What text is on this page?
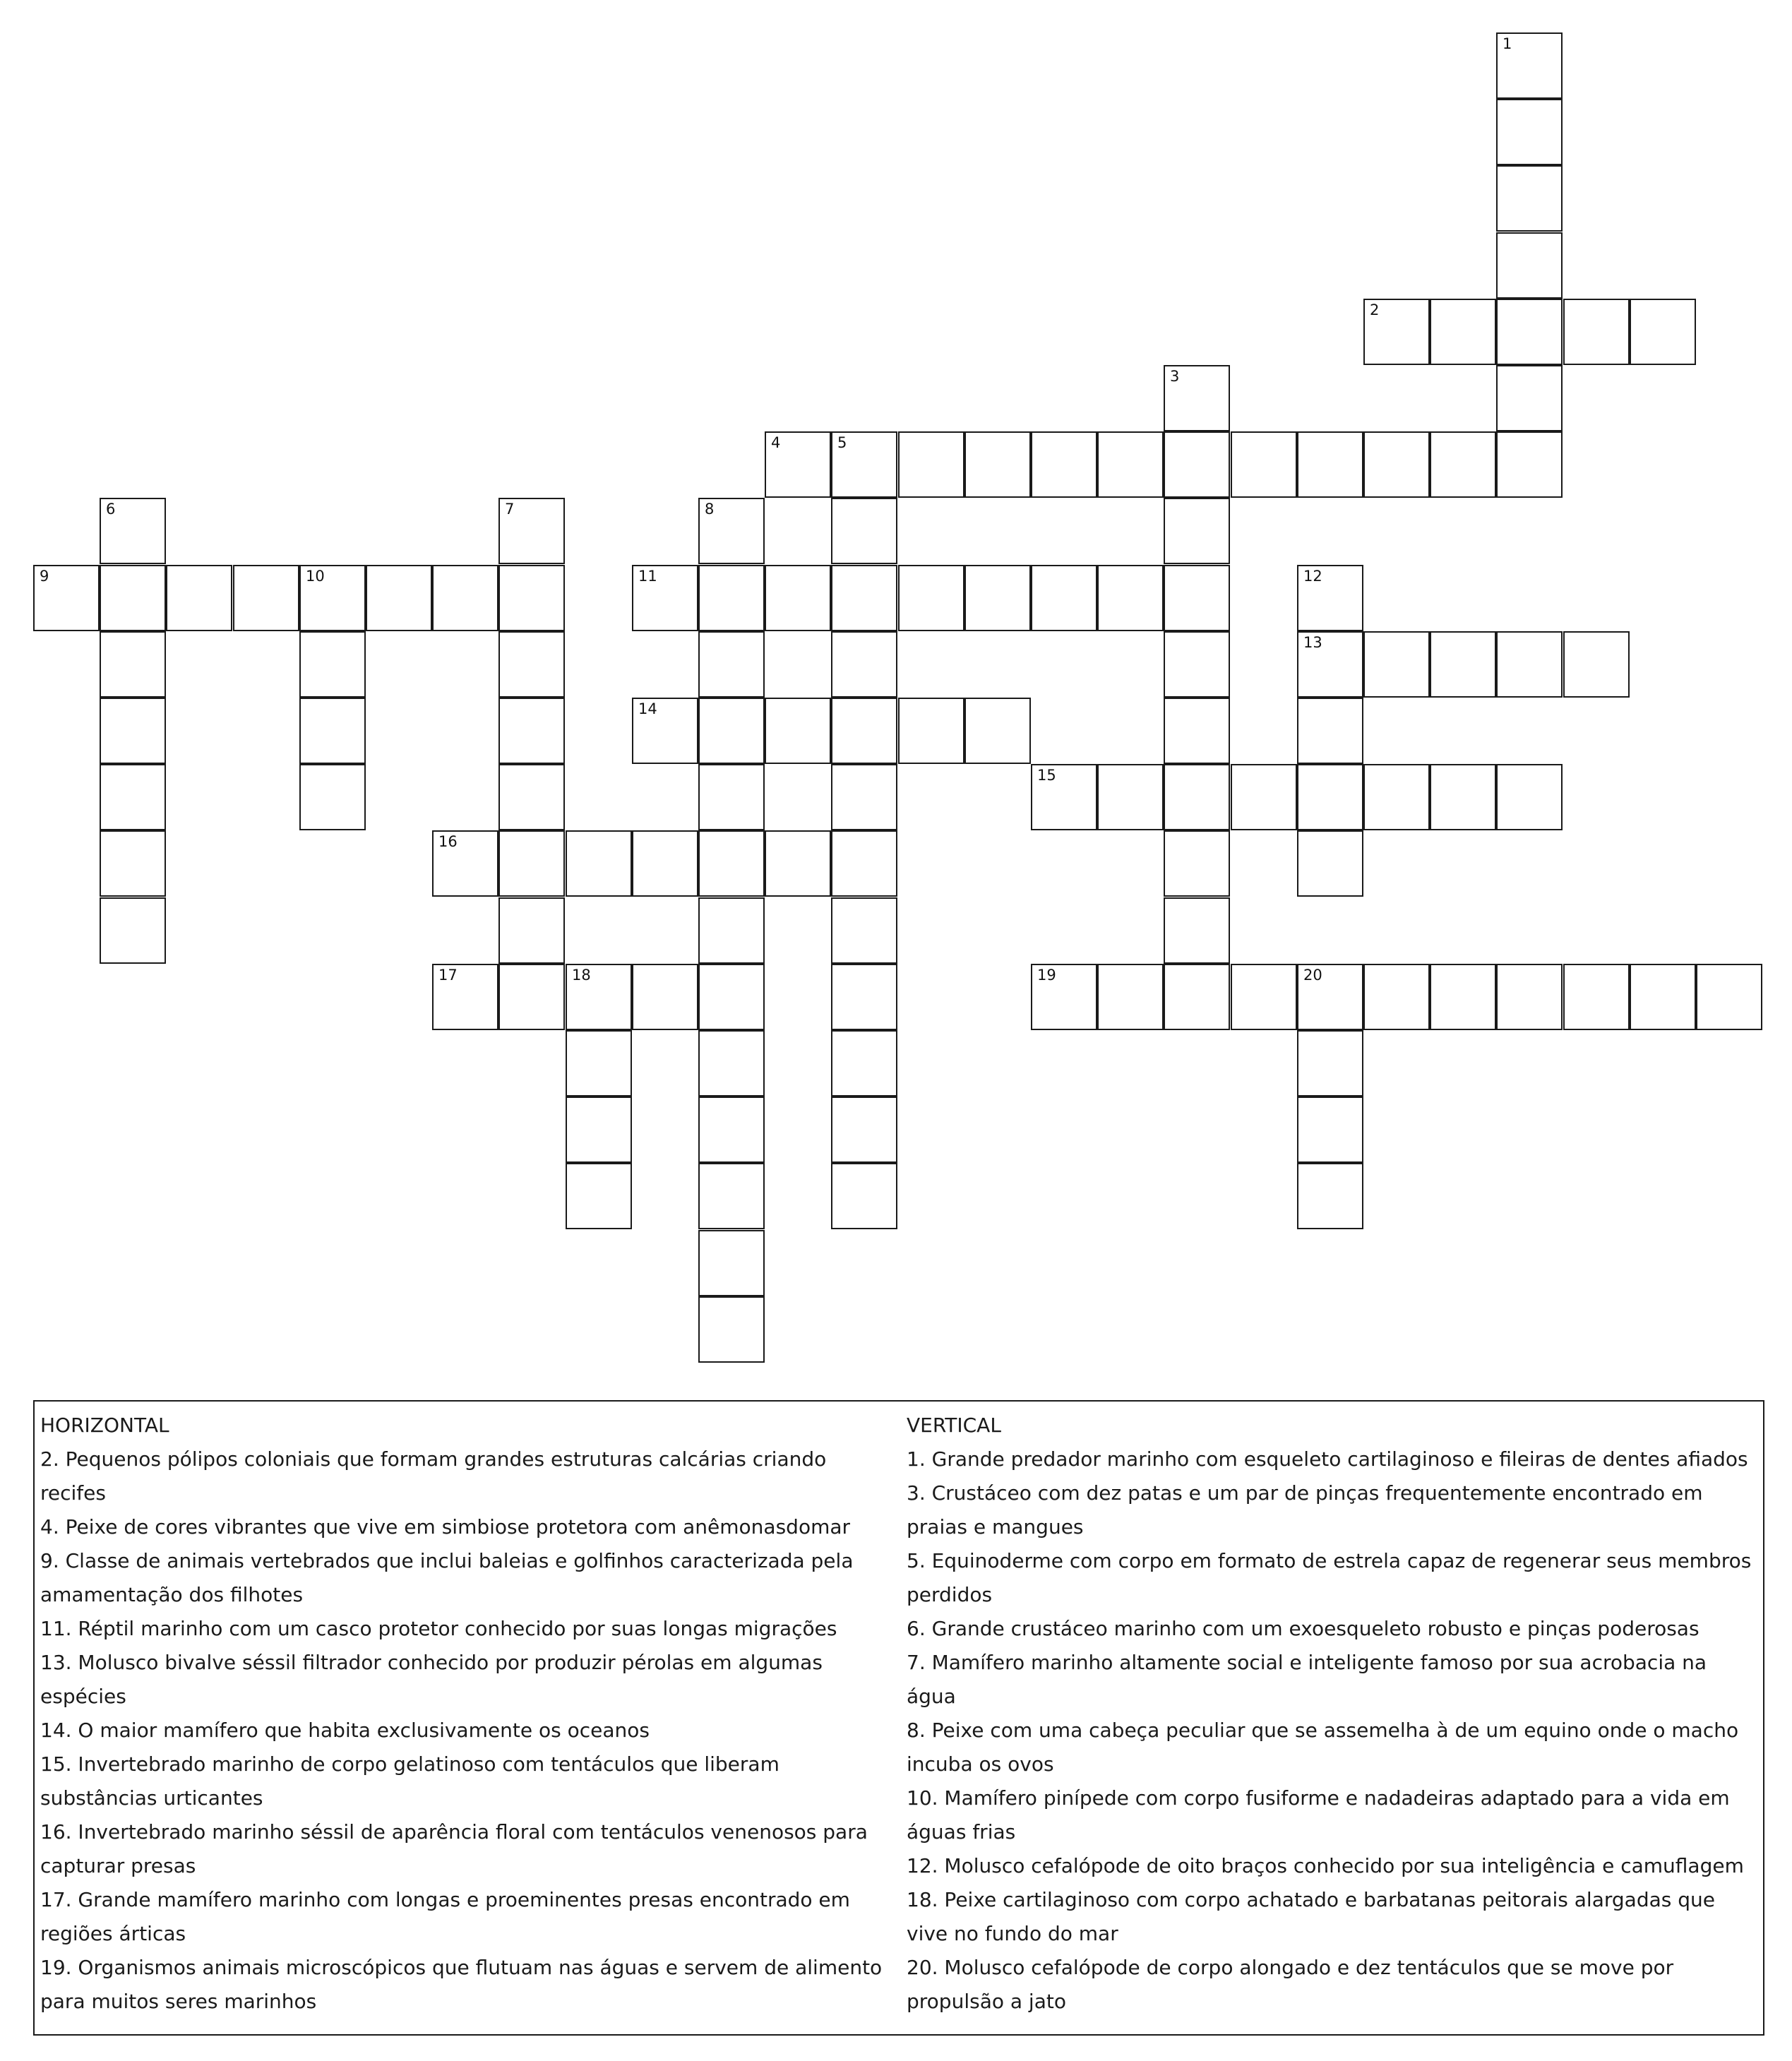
1
2
3
4	5
6	7	8
9	10	11	12
13
14
15
16
17	18	19	20
HORIZONTAL

2. Pequenos pólipos coloniais que formam grandes estruturas calcárias criando recifes

4. Peixe de cores vibrantes que vive em simbiose protetora com anêmonasdomar

9. Classe de animais vertebrados que inclui baleias e golfinhos caracterizada pela amamentação dos filhotes

11. Réptil marinho com um casco protetor conhecido por suas longas migrações

13. Molusco bivalve séssil filtrador conhecido por produzir pérolas em algumas espécies

14. O maior mamífero que habita exclusivamente os oceanos

15. Invertebrado marinho de corpo gelatinoso com tentáculos que liberam substâncias urticantes

16. Invertebrado marinho séssil de aparência floral com tentáculos venenosos para capturar presas

17. Grande mamífero marinho com longas e proeminentes presas encontrado em regiões árticas

19. Organismos animais microscópicos que flutuam nas águas e servem de alimento para muitos seres marinhos

VERTICAL

1. Grande predador marinho com esqueleto cartilaginoso e fileiras de dentes afiados

3. Crustáceo com dez patas e um par de pinças frequentemente encontrado em praias e mangues

5. Equinoderme com corpo em formato de estrela capaz de regenerar seus membros perdidos

6. Grande crustáceo marinho com um exoesqueleto robusto e pinças poderosas

7. Mamífero marinho altamente social e inteligente famoso por sua acrobacia na água

8. Peixe com uma cabeça peculiar que se assemelha à de um equino onde o macho incuba os ovos

10. Mamífero pinípede com corpo fusiforme e nadadeiras adaptado para a vida em águas frias

12. Molusco cefalópode de oito braços conhecido por sua inteligência e camuflagem

18. Peixe cartilaginoso com corpo achatado e barbatanas peitorais alargadas que vive no fundo do mar

20. Molusco cefalópode de corpo alongado e dez tentáculos que se move por propulsão a jato
